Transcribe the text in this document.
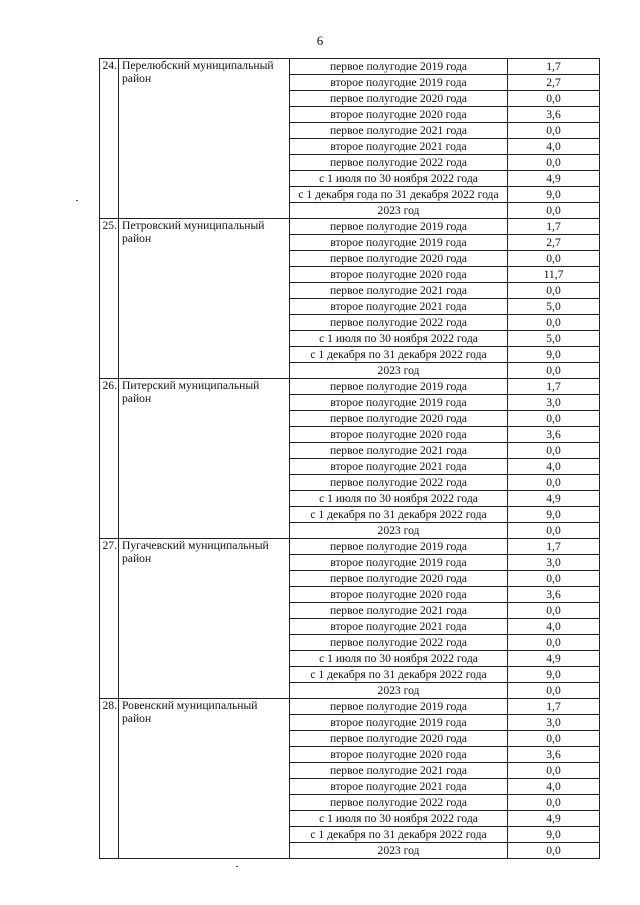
6
24.	Перелюбский муниципальный район	первое полугодие 2019 года	1,7
		второе полугодие 2019 года	2,7
		первое полугодие 2020 года	0,0
		второе полугодие 2020 года	3,6
		первое полугодие 2021 года	0,0
		второе полугодие 2021 года	4,0
		первое полугодие 2022 года	0,0
		с 1 июля по 30 ноября 2022 года	4,9
		с 1 декабря года по 31 декабря 2022 года	9,0
		2023 год	0,0
25.	Петровский муниципальный район	первое полугодие 2019 года	1,7
		второе полугодие 2019 года	2,7
		первое полугодие 2020 года	0,0
		второе полугодие 2020 года	11,7
		первое полугодие 2021 года	0,0
		второе полугодие 2021 года	5,0
		первое полугодие 2022 года	0,0
		с 1 июля по 30 ноября 2022 года	5,0
		с 1 декабря по 31 декабря 2022 года	9,0
		2023 год	0,0
26.	Питерский муниципальный район	первое полугодие 2019 года	1,7
		второе полугодие 2019 года	3,0
		первое полугодие 2020 года	0,0
		второе полугодие 2020 года	3,6
		первое полугодие 2021 года	0,0
		второе полугодие 2021 года	4,0
		первое полугодие 2022 года	0,0
		с 1 июля по 30 ноября 2022 года	4,9
		с 1 декабря по 31 декабря 2022 года	9,0
		2023 год	0,0
27.	Пугачевский муниципальный район	первое полугодие 2019 года	1,7
		второе полугодие 2019 года	3,0
		первое полугодие 2020 года	0,0
		второе полугодие 2020 года	3,6
		первое полугодие 2021 года	0,0
		второе полугодие 2021 года	4,0
		первое полугодие 2022 года	0,0
		с 1 июля по 30 ноября 2022 года	4,9
		с 1 декабря по 31 декабря 2022 года	9,0
		2023 год	0,0
28.	Ровенский муниципальный район	первое полугодие 2019 года	1,7
		второе полугодие 2019 года	3,0
		первое полугодие 2020 года	0,0
		второе полугодие 2020 года	3,6
		первое полугодие 2021 года	0,0
		второе полугодие 2021 года	4,0
		первое полугодие 2022 года	0,0
		с 1 июля по 30 ноября 2022 года	4,9
		с 1 декабря по 31 декабря 2022 года	9,0
		2023 год	0,0
